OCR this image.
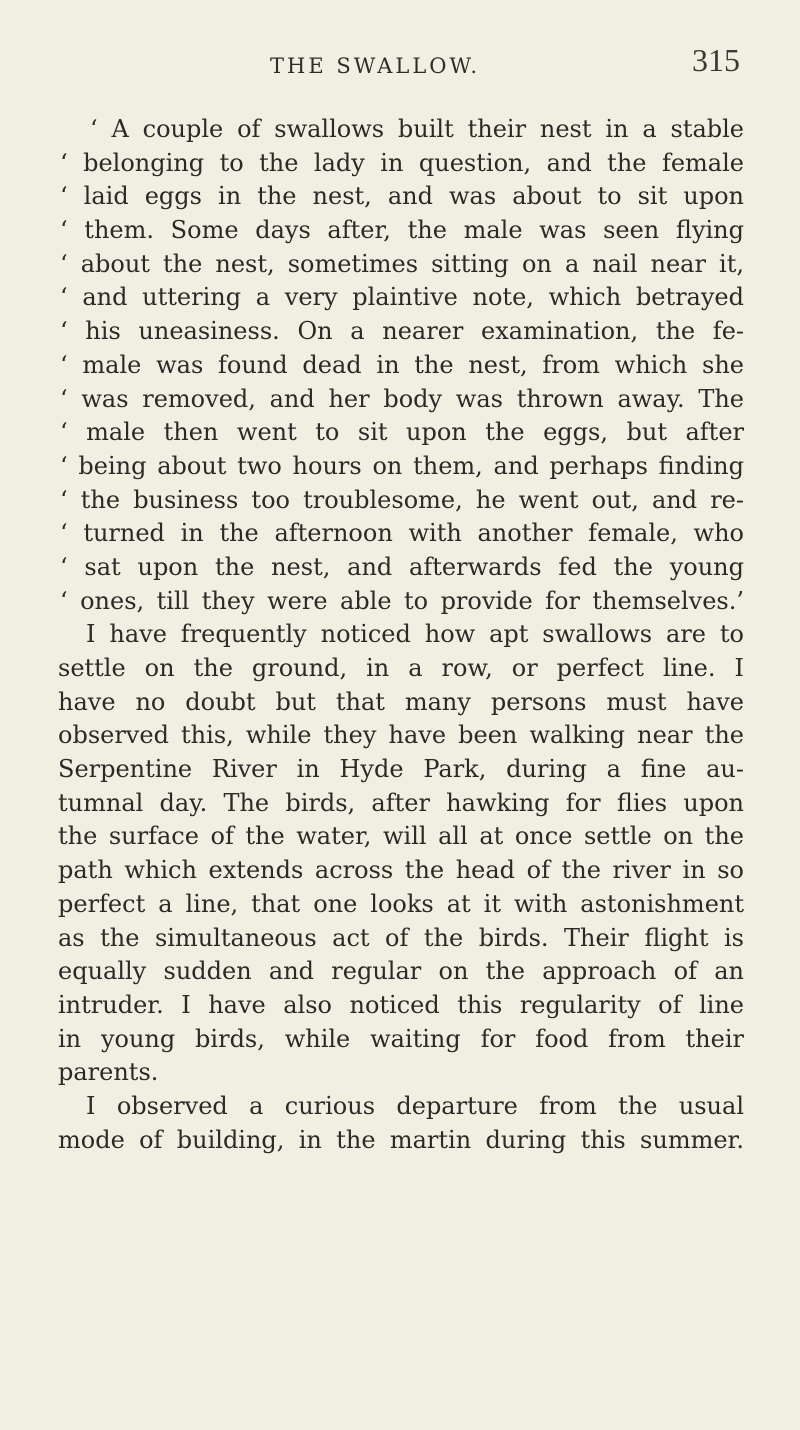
THE SWALLOW.	315
‘ A couple of swallows built their nest in a stable
‘ belonging to the lady in question, and the female
‘ laid eggs in the nest, and was about to sit upon
‘ them. Some days after, the male was seen flying
‘ about the nest, sometimes sitting on a nail near it,
‘ and uttering a very plaintive note, which betrayed
‘ his uneasiness. On a nearer examination, the fe-
‘ male was found dead in the nest, from which she
‘ was removed, and her body was thrown away. The
‘ male then went to sit upon the eggs, but after
‘ being about two hours on them, and perhaps finding
‘ the business too troublesome, he went out, and re-
‘ turned in the afternoon with another female, who
‘ sat upon the nest, and afterwards fed the young
‘ ones, till they were able to provide for themselves.’
I have frequently noticed how apt swallows are to
settle on the ground, in a row, or perfect line. I
have no doubt but that many persons must have
observed this, while they have been walking near the
Serpentine River in Hyde Park, during a fine au-
tumnal day. The birds, after hawking for flies upon
the surface of the water, will all at once settle on the
path which extends across the head of the river in so
perfect a line, that one looks at it with astonishment
as the simultaneous act of the birds. Their flight is
equally sudden and regular on the approach of an
intruder. I have also noticed this regularity of line
in young birds, while waiting for food from their
parents.
I observed a curious departure from the usual
mode of building, in the martin during this summer.
